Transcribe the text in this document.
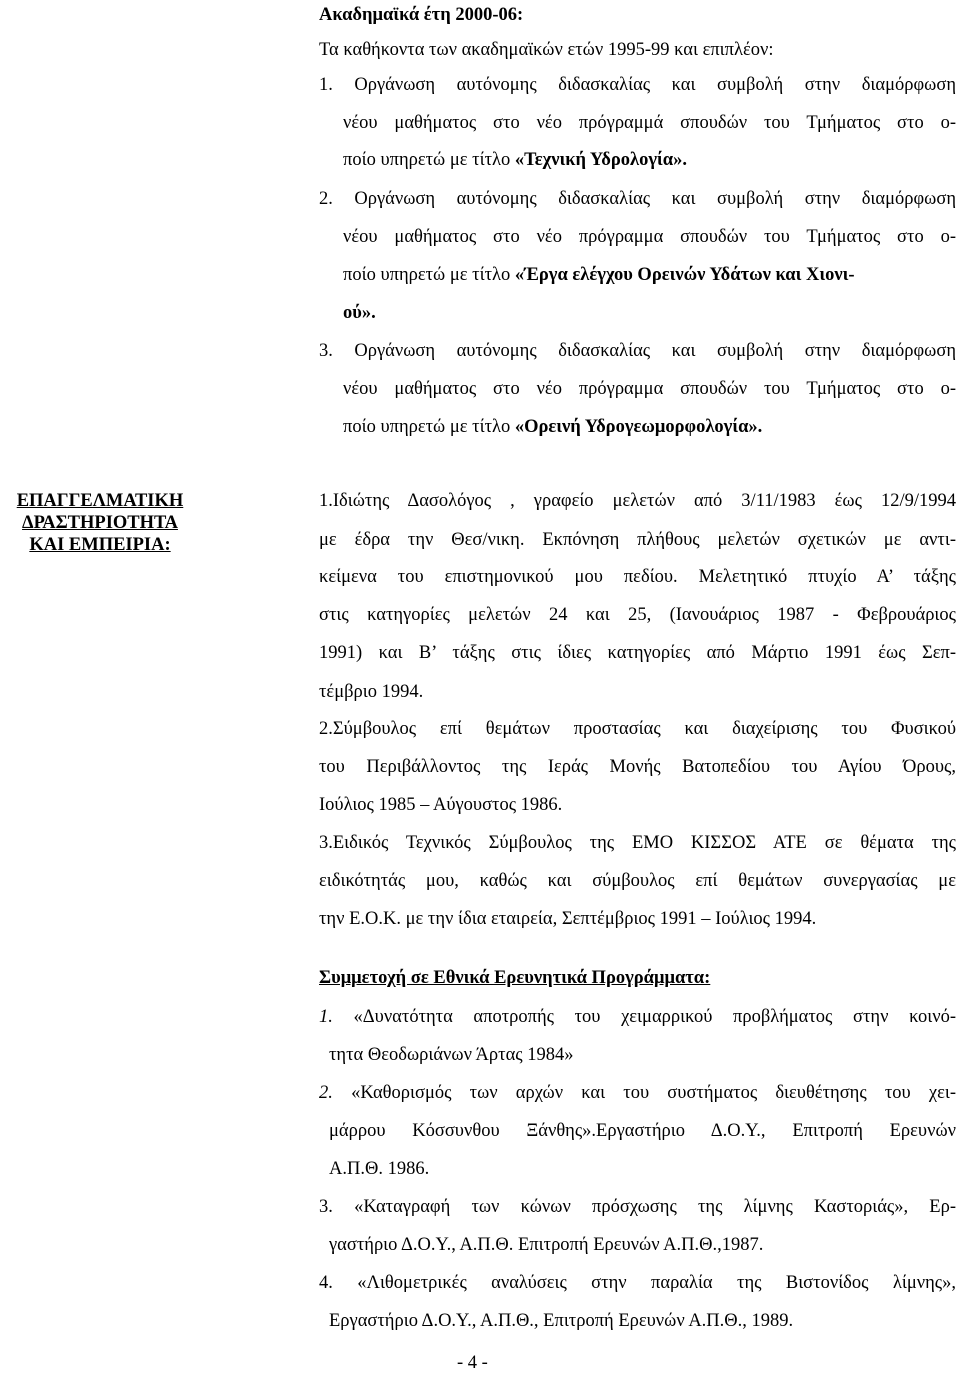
Ακαδημαϊκά έτη 2000-06:
Τα καθήκοντα των ακαδημαϊκών ετών 1995-99 και επιπλέον:
1. Οργάνωση αυτόνομης διδασκαλίας και συμβολή στην διαμόρφωση
νέου μαθήματος στο νέο πρόγραμμά σπουδών του Τμήματος στο ο-
ποίο υπηρετώ με τίτλο «Τεχνική Υδρολογία».
2. Οργάνωση αυτόνομης διδασκαλίας και συμβολή στην διαμόρφωση
νέου μαθήματος στο νέο πρόγραμμα σπουδών του Τμήματος στο ο-
ποίο υπηρετώ με τίτλο «Έργα ελέγχου Ορεινών Υδάτων και Χιονι-
ού».
3. Οργάνωση αυτόνομης διδασκαλίας και συμβολή στην διαμόρφωση
νέου μαθήματος στο νέο πρόγραμμα σπουδών του Τμήματος στο ο-
ποίο υπηρετώ με τίτλο «Ορεινή Υδρογεωμορφολογία».
ΕΠΑΓΓΕΛΜΑΤΙΚΗ
ΔΡΑΣΤΗΡΙΟΤΗΤΑ
ΚΑΙ ΕΜΠΕΙΡΙΑ:
1.Ιδιώτης Δασολόγος , γραφείο μελετών από 3/11/1983 έως 12/9/1994
με έδρα την Θεσ/νικη. Εκπόνηση πλήθους μελετών σχετικών με αντι-
κείμενα του επιστημονικού μου πεδίου. Μελετητικό πτυχίο Α’ τάξης
στις κατηγορίες μελετών 24 και 25, (Ιανουάριος 1987 - Φεβρουάριος
1991) και Β’ τάξης στις ίδιες κατηγορίες από Μάρτιο 1991 έως Σεπ-
τέμβριο 1994.
2.Σύμβουλος επί θεμάτων προστασίας και διαχείρισης του Φυσικού
του Περιβάλλοντος της Ιεράς Μονής Βατοπεδίου του Αγίου Όρους,
Ιούλιος 1985 – Αύγουστος 1986.
3.Ειδικός Τεχνικός Σύμβουλος της ΕΜΟ ΚΙΣΣΟΣ ΑΤΕ σε θέματα της
ειδικότητάς μου, καθώς και σύμβουλος επί θεμάτων συνεργασίας με
την Ε.Ο.Κ. με την ίδια εταιρεία, Σεπτέμβριος 1991 – Ιούλιος 1994.
Συμμετοχή σε Εθνικά Ερευνητικά Προγράμματα:
1. «Δυνατότητα αποτροπής του χειμαρρικού προβλήματος στην κοινό-
τητα Θεοδωριάνων Άρτας 1984»
2. «Καθορισμός των αρχών και του συστήματος διευθέτησης του χει-
μάρρου Κόσσυνθου Ξάνθης».Εργαστήριο Δ.Ο.Υ., Επιτροπή Ερευνών
Α.Π.Θ. 1986.
3. «Καταγραφή των κώνων πρόσχωσης της λίμνης Καστοριάς», Ερ-
γαστήριο Δ.Ο.Υ., Α.Π.Θ. Επιτροπή Ερευνών Α.Π.Θ.,1987.
4. «Λιθομετρικές αναλύσεις στην παραλία της Βιστονίδος λίμνης»,
Εργαστήριο Δ.Ο.Υ., Α.Π.Θ., Επιτροπή Ερευνών Α.Π.Θ., 1989.
- 4 -
